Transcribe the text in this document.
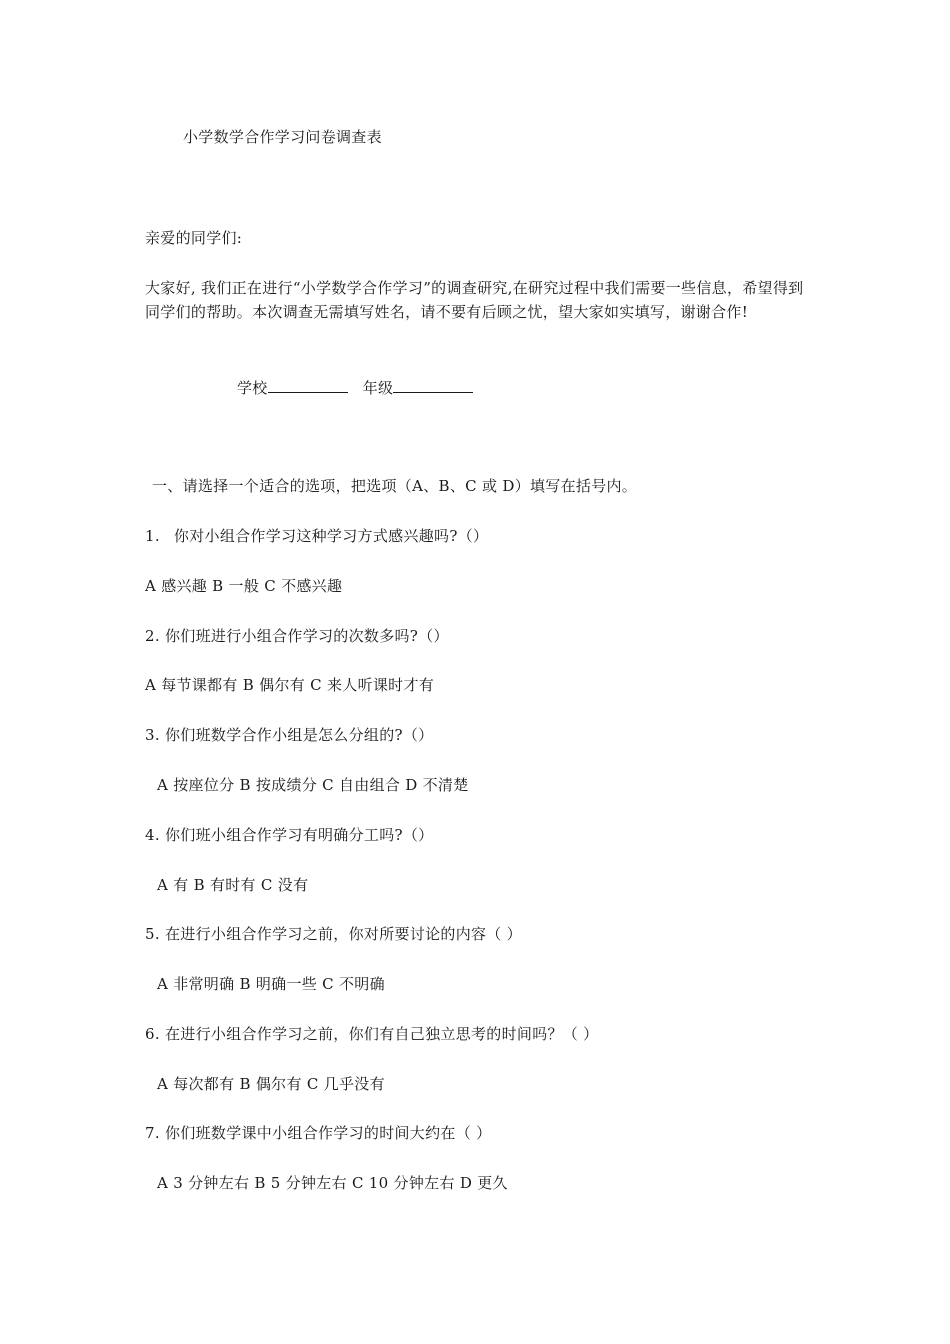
小学数学合作学习问卷调查表
亲爱的同学们:
大家好, 我们正在进行“小学数学合作学习”的调查研究,在研究过程中我们需要一些信息，希望得到同学们的帮助。本次调查无需填写姓名，请不要有后顾之忧，望大家如实填写，谢谢合作!
学校	年级
一、请选择一个适合的选项，把选项（A、B、C 或 D）填写在括号内。
1. 你对小组合作学习这种学习方式感兴趣吗?（）
A 感兴趣 B 一般 C 不感兴趣
2. 你们班进行小组合作学习的次数多吗?（）
A 每节课都有 B 偶尔有 C 来人听课时才有
3. 你们班数学合作小组是怎么分组的?（）
A 按座位分 B 按成绩分 C 自由组合 D 不清楚
4. 你们班小组合作学习有明确分工吗?（）
A 有 B 有时有 C 没有
5. 在进行小组合作学习之前，你对所要讨论的内容（ ）
A 非常明确 B 明确一些 C 不明确
6. 在进行小组合作学习之前，你们有自己独立思考的时间吗？（ ）
A 每次都有 B 偶尔有 C 几乎没有
7. 你们班数学课中小组合作学习的时间大约在（ ）
A 3 分钟左右 B 5 分钟左右 C 10 分钟左右 D 更久
